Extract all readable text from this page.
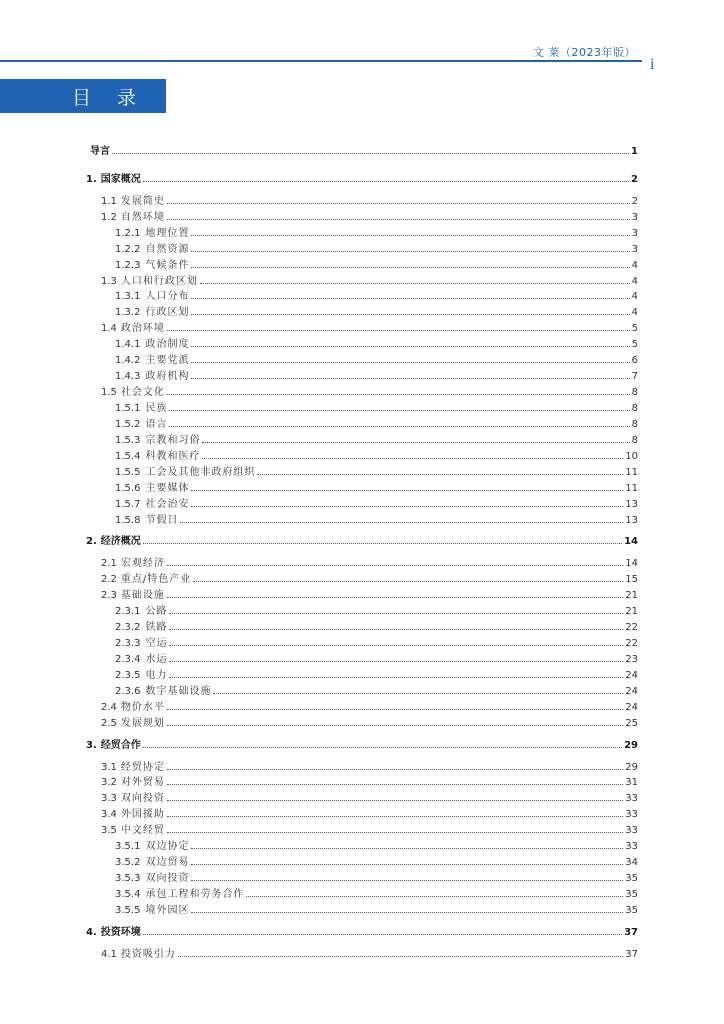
文 莱（2023年版）
i
目 录
导言	1
1. 国家概况	2
1.1 发展简史	2
1.2 自然环境	3
1.2.1 地理位置	3
1.2.2 自然资源	3
1.2.3 气候条件	4
1.3 人口和行政区划	4
1.3.1 人口分布	4
1.3.2 行政区划	4
1.4 政治环境	5
1.4.1 政治制度	5
1.4.2 主要党派	6
1.4.3 政府机构	7
1.5 社会文化	8
1.5.1 民族	8
1.5.2 语言	8
1.5.3 宗教和习俗	8
1.5.4 科教和医疗	10
1.5.5 工会及其他非政府组织	11
1.5.6 主要媒体	11
1.5.7 社会治安	13
1.5.8 节假日	13
2. 经济概况	14
2.1 宏观经济	14
2.2 重点/特色产业	15
2.3 基础设施	21
2.3.1 公路	21
2.3.2 铁路	22
2.3.3 空运	22
2.3.4 水运	23
2.3.5 电力	24
2.3.6 数字基础设施	24
2.4 物价水平	24
2.5 发展规划	25
3. 经贸合作	29
3.1 经贸协定	29
3.2 对外贸易	31
3.3 双向投资	33
3.4 外国援助	33
3.5 中文经贸	33
3.5.1 双边协定	33
3.5.2 双边贸易	34
3.5.3 双向投资	35
3.5.4 承包工程和劳务合作	35
3.5.5 境外园区	35
4. 投资环境	37
4.1 投资吸引力	37
